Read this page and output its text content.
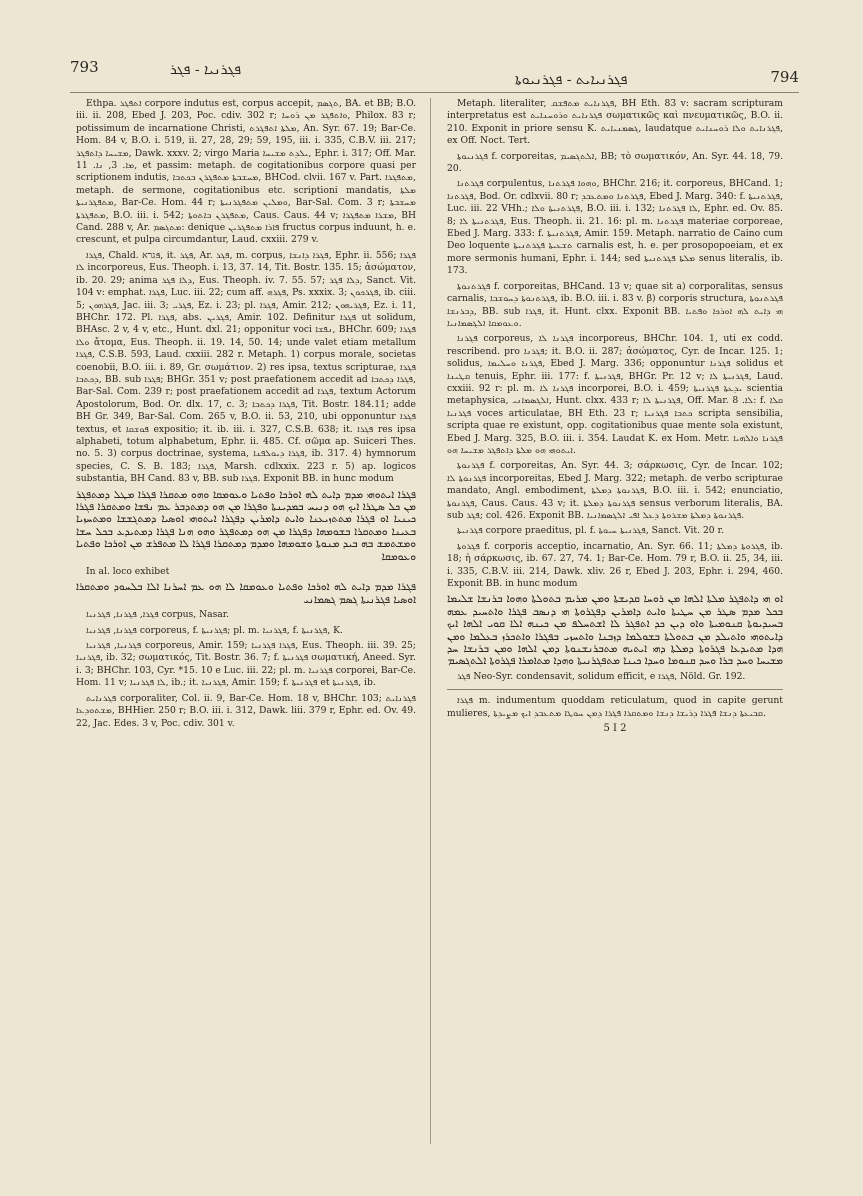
793	ܦܓܪܢܝܐ - ܦܓܪ
ܦܓܪܢܝܐܝܬ - ܦܓܪܢܝܘܬܐ	794

Ethpa. ܐܬܦܓܪ corpore indutus est, corpus accepit, ܬܓܣܡ, BA. et BB; B.O. iii. ii. 208, Ebed J. 203, Poc. cdiv. 302 r; ܘܐܬܦܓܪ ܡܢ ܪܘܚܐ, Philox. 83 r; potissimum de incarnatione Christi, ܡܠܬܐ ܐܬܦܓܪܬ, An. Syr. 67. 19; Bar-Ce. Hom. 84 v, B.O. i. 519, ii. 27, 28, 29; 59, 195, iii. i. 335, C.B.V. iii. 217; ܡܫܝܚܐ ܕܐܬܦܓܪ, Dawk. xxxv. 2; virgo Maria ܝܠܕܬ ܡܫܝܚܐ, Ephr. i. 317; Off. Mar. ܡܐ. 3, ܢܐ. 11, et passim: metaph. de cogitationibus corpore quasi per scriptionem indutis, ܡܚܫܒܬܐ ܡܬܦܓܪܢ ܒܟܬܒܐ, BHCod. clvii. 167 v. Part. ܡܬܦܓܪܐ, metaph. de sermone, cogitationibus etc. scriptioni mandatis, ܡܠܬܐ ܡܬܦܓܪܢܝܬܐ, Bar-Ce. Hom. 44 r; ܘܡܠܝܢ ܡܬܦܓܪܢܝܬܐ, Bar-Sal. Com. 3 r; ܡܚܫܒܬܐ ܡܬܦܓܪܬܐ, B.O. iii. i. 542; ܡܬܦܓܪܢ ܒܐܬܘܬܐ, Caus. Caus. 44 v; ܡܫܪܐ ܡܬܦܓܪܐ, BH Cand. 288 v, Ar. ܡܬܓܣܡ: denique ܦܐܪܐ ܡܬܦܓܪܝܢ fructus corpus induunt, h. e. crescunt, et pulpa circumdantur, Laud. cxxiii. 279 v.

ܦܓܪܐ, Chald. ܦגרא, it. ܦܓܪ, Ar. ܦܓܪ, m. corpus, ܦܓܪܐ ܕܐܢܫܐ, Ephr. ii. 556; ܦܓܪܐ ܠܐ incorporeus, Eus. Theoph. i. 13, 37. 14, Tit. Bostr. 135. 15; ἀσώματον, ib. 20. 29; anima ܕܠܐ ܦܓܪ, Eus. Theoph. iv. 7. 55. 57; ܕܠܐ ܦܓܪ, Sanct. Vit. 104 v: emphat. ܦܓܪܐ, Luc. iii. 22; cum aff. ܦܓܪܗ, Ps. xxxix. 3; ܦܓܪܟܘܢ, ib. ciii. 5; ܦܓܪܗܘܢ, Jac. iii. 3; ܦܓܪܝ, Ez. i. 23; pl. ܦܓܪܐ, Amir. 212; ܦܓܪܝܗܘܢ, Ez. i. 11, BHChr. 172. Pl. ܦܓܪܐ, abs. ܦܓܪܝܢ, Amir. 102. Definitur ܦܓܪܐ ut solidum, BHAsc. 2 v, 4 v, etc., Hunt. dxl. 21; opponitur voci ܢܦܫܐ, BHChr. 609; ܦܓܪܐ ܘܠܐ ἄτομα, Eus. Theoph. ii. 19. 14, 50. 14; unde valet etiam metallum ܦܓܪܐ, C.S.B. 593, Laud. cxxiii. 282 r. Metaph. 1) corpus morale, societas coenobii, B.O. iii. i. 89, Gr. σωμάτιον. 2) res ipsa, textus scripturae, ܦܓܪܐ ܕܟܬܒܐ, BB. sub ܦܓܪܐ; BHGr. 351 v; post praefationem accedit ad ܦܓܪܐ ܕܟܬܒܐ, Bar-Sal. Com. 239 r; post praefationem accedit ad ܦܓܪܐ, textum Actorum Apostolorum, Bod. Or. dlx. 17, c. 3; ܦܓܪܐ ܕܟܬܒܐ, Tit. Bostr. 184.11; adde BH Gr. 349, Bar-Sal. Com. 265 v, B.O. ii. 53, 210, ubi opponuntur ܦܓܪܐ textus, et ܦܘܫܩܐ expositio; it. ib. iii. i. 327, C.S.B. 638; it. ܦܓܪܐ res ipsa alphabeti, totum alphabetum, Ephr. ii. 485. Cf. σῶμα ap. Suiceri Thes. no. 5. 3) corpus doctrinae, systema, ܦܓܪܐ ܕܝܘܠܦܢܐ, ib. 317. 4) hymnorum species, C. S. B. 183; ܦܓܪܐ, Marsh. cdlxxix. 223 r. 5) ap. logicos substantia, BH Cand. 83 v, BB. sub ܦܓܪܐ. Exponit BB. in hunc modum

ܦܓܪܐ ܐܝܬܘܗܝ ܡܕܡ ܕܐܝܬ ܠܗ ܐܘܪܟܐ ܘܦܬܝܐ ܘܥܘܡܩܐ ܘܗܘ ܡܬܩܪܐ ܦܓܪܐ ܡܛܠ ܕܡܬܦܓܪ ܡܢ ܟܠ ܣܛܪܐ ܐܝܟ ܗܘ ܕܢܝܚ ܒܡܕܝܢܬܐ ܘܦܓܪܐ ܡܢ ܗܘ ܕܡܬܕܒܪ ܥܡ ܢܦܫܐ ܘܡܬܩܪܐ ܦܓܪܐ ܟܝܢܝܐ ܐܘ ܦܓܪܐ ܡܬܬܙܝܥܢܐ ܘܐܝܬ ܕܐܡܪܝܢ ܕܦܓܪܐ ܐܝܬܘܗܝ ܐܘܣܝܐ ܕܡܬܓܫܫܐ ܘܡܬܚܙܝܐ ܒܥܝܢܐ ܘܡܬܩܪܐ ܒܫܘܡܗܐ ܕܦܓܪܐ ܡܢ ܗܘ ܕܡܬܦܓܪ ܘܗܘ ܗܢܐ ܦܓܪܐ ܕܡܬܝܕܥ ܒܟܠ ܚܫܐ ܘܡܫܬܡܫ ܒܗ ܒܝܕ ܡܢܘܬܐ ܘܫܘܡܗܐ ܘܡܕܡ ܕܡܬܩܪܐ ܦܓܪܐ ܠܐ ܡܬܦܪܫ ܡܢ ܐܘܪܟܐ ܘܦܬܝܐ ܘܥܘܡܩܐ

In al. loco exhibet

ܦܓܪܐ ܡܕܡ ܕܐܝܬ ܠܗ ܐܘܪܟܐ ܘܦܬܝܐ ܘܥܘܡܩܐ ܠܐ ܗܘ ܥܡ ܐܚܪܢܐ ܐܠܐ ܒܠܚܘܕ ܘܡܬܩܪܐ ܐܘܣܝܐ ܦܓܪܢܝܬܐ ܓܣܡ ܓܣܡܐܢܝ

ܦܓܪܐ, ܦܓܪܢܐ, ܦܓܪܢܝܐ corpus, Nasar.

ܦܓܪܢܐ, ܦܓܪܢܝܐ corporeus, f. ܦܓܪܢܝܬܐ; pl. m. ܦܓܪܢܝܐ, f. ܦܓܪܢܝܬܐ, K.

ܦܓܪܢܝܐ, ܦܓܪܢܝܐ corporeus, Amir. 159; ܦܓܪܐ ܦܓܪܢܝܐ, Eus. Theoph. iii. 39. 25; ܦܓܪܢܝܐ, ib. 32; σωματικός, Tit. Bostr. 36. 7; f. ܦܓܪܢܝܬܐ σωματική, Aneed. Syr. i. 3; BHChr. 103, Cyr. *15. 10 e Luc. iii. 22; pl. m. ܦܓܪܢܝܐ corporei, Bar-Ce. Hom. 11 v; ܠܐ ܦܓܪܢܝܐ, ib.; it. ܦܓܪܢܝܐ, Amir. 159; f. ܦܓܪܢܝܬܐ et ܦܓܪܢܝܬܐ, ib.

ܦܓܪܢܐܝܬ corporaliter, Col. ii. 9, Bar-Ce. Hom. 18 v, BHChr. 103; ܦܓܪܢܐܝܬ ܡܫܬܘܕܥܐ, BHHier. 250 r; B.O. iii. i. 312, Dawk. liii. 379 r, Ephr. ed. Ov. 49. 22, Jac. Edes. 3 v, Poc. cdiv. 301 v.

Metaph. literaliter, ܦܓܪܢܐܝܬ ܡܬܦܫܩ, BH Eth. 83 v: sacram scripturam interpretatus est ܦܓܪܢܐܝܬ ܘܪܘܚܢܐܝܬ σωματικῶς καὶ πνευματικῶς, B.O. ii. 210. Exponit in priore sensu K. ܓܣܡܢܝܐܝܬ, laudatque ܦܓܪܢܐܝܬ ܘܠܐ ܪܘܚܢܐܝܬ, ex Off. Noct. Tert.

ܦܓܪܢܝܘܬܐ f. corporeitas, ܐܠܬܓܣܝܡ, BB; τὸ σωματικόν, An. Syr. 44. 18, 79. 20.

ܦܓܪܬܢܐ corpulentus, ܘܗܘܐ ܦܓܪܬܢܐ, BHChr. 216; it. corporeus, BHCand. 1; ܦܓܪܬܢܐ, Bod. Or. cdlxvii. 80 r; ܦܓܪܬܢܐ ܘܡܬܥܒܕ, Ebed J. Marg. 340: f. ܦܓܪܬܢܝܬܐ, Luc. iii. 22 VHh.; ܦܓܪܬܢܝܬܐ ܘܠܐ, B.O. iii. i. 132; ܠܐ ܦܓܪܬܢܐ, Ephr. ed. Ov. 85. 8; ܦܓܪܬܢܝܬܐ ܠܐ, Eus. Theoph. ii. 21. 16: pl. m. ܦܓܪܬܢܐ materiae corporeae, Ebed J. Marg. 333: f. ܦܓܪܬܢܝܬܐ, Amir. 159. Metaph. narratio de Caino cum Deo loquente ܬܫܥܝܬܐ ܦܓܪܬܢܝܬܐ carnalis est, h. e. per prosopopoeiam, et ex more sermonis humani, Ephr. i. 144; sed ܡܠܬܐ ܦܓܪܬܢܝܬܐ senus literalis, ib. 173.

ܦܓܪܬܢܘܬܐ f. corporeitas, BHCand. 13 v; quae sit a) corporalitas, sensus carnalis, ܦܓܪܬܢܘܬܐ ܕܚܘܫܒܐ, ib. B.O. iii. i. 83 v. β) corporis structura, ܦܓܪܬܢܘܬܐ ܕܒܪܢܫܐ, BB. sub ܦܓܪܐ, it. Hunt. clxx. Exponit BB. ܗܝ ܕܐܝܬ ܠܗ ܐܘܪܟܐ ܘܦܬܝܐ ܘܥܘܡܩܐ ܐܠܓܣܡܐܢܝܐ.

ܦܓܪܢܐ corporeus, ܦܓܪܢܐ ܠܐ incorporeus, BHChr. 104. 1, uti ex codd. rescribend. pro ܦܓܪܢܐ; it. B.O. ii. 287; ἀσώματος, Cyr. de Incar. 125. 1; solidus, ܦܓܪܢܐ ܘܚܠܝܡܐ, Ebed J. Marg. 336; opponuntur ܦܓܪܢܐ solidus et ܩܛܝܢܐ tenuis, Ephr. iii. 177: f. ܦܓܪܢܝܬܐ, BHGr. Pr. 12 v; ܦܓܪܢܝܬܐ ܠܐ, Laud. cxxiii. 92 r: pl. m. ܦܓܪܢܐ ܠܐ incorporei, B.O. i. 459; ܝܕܥܬܐ ܦܓܪܢܝܬܐ scientia metaphysica, ܐܠܓܣܡܐܢܝ, Hunt. clxx. 433 r; ܦܓܪܢܝܬܐ ܠܐ, Off. Mar. ܠܐ. 8: f. ܩܠܐ ܦܓܪܢܝܐ voces articulatae, BH Eth. 23 r; ܟܬܒܐ ܦܓܪܢܝܐ scripta sensibilia, scripta quae re existunt, opp. cogitationibus quae mente sola existunt, Ebed J. Marg. 325, B.O. iii. i. 354. Laudat K. ex Hom. Metr. ܦܓܪܢܐ ܘܐܠܗܝܐ ܐܝܬܘܗܝ ܗܘ ܡܠܬܐ ܕܐܬܦܓܪ ܡܫܝܚܐ ܗܘ.

ܦܓܪܢܘܬܐ f. corporeitas, An. Syr. 44. 3; σάρκωσις, Cyr. de Incar. 102; ܦܓܪܢܘܬܐ ܠܐ incorporeitas, Ebed J. Marg. 322; metaph. de verbo scripturae mandato, Angl. embodiment, ܦܓܪܢܘܬܐ ܕܡܠܬܐ, B.O. iii. i. 542; enunciatio, ܦܓܪܢܘܬܐ, Caus. Caus. 43 v; it. ܦܓܪܢܘܬܐ ܕܡܠܬܐ sensus verborum literalis, BA. sub ܦܓܪ; col. 426. Exponit BB. ܦܓܪܢܘܬܐ ܕܡܠܬܐ ܡܫܪܘܬܐ ܕܥܠ ܐܦܝ ܐܠܓܣܡܐܢܝܐ.

ܦܓܪܢܝܬܐ corpore praeditus, pl. f. ܦܓܪܢܝܬܐ ܚܝܘܬܐ, Sanct. Vit. 20 r.

ܦܓܪܘܬܐ f. corporis acceptio, incarnatio, An. Syr. 66. 11; ܦܓܪܘܬܐ ܕܡܠܬܐ, ib. 18; ἡ σάρκωσις, ib. 67. 27, 74. 1; Bar-Ce. Hom. 79 r, B.O. ii. 25, 34, iii. i. 335, C.B.V. iii. 214, Dawk. xliv. 26 r, Ebed J. 203, Ephr. i. 294, 460. Exponit BB. in hunc modum

ܐܘ ܗܝ ܕܐܬܦܓܪ ܡܠܬܐ ܐܠܗܐ ܡܢ ܪܘܚܐ ܩܕܝܫܬܐ ܘܡܢ ܡܪܝܡ ܒܬܘܠܬܐ ܘܗܘܐ ܒܪܢܫܐ ܫܠܝܡܐ ܒܟܠ ܡܕܡ ܣܛܪ ܡܢ ܚܛܝܬܐ ܘܐܝܬ ܕܐܡܪܝܢ ܕܦܓܪܘܬܐ ܗܝ ܕܢܣܒ ܦܓܪܐ ܘܐܬܚܝܕ ܥܡܗ ܒܚܝܕܝܘܬܐ ܩܢܘܡܝܬܐ ܘܐܘ ܕܝܢ ܟܕ ܐܬܦܓܪ ܠܐ ܐܫܬܚܠܦ ܡܢ ܟܝܢܗ ܐܠܐ ܩܘܝ ܐܠܗܐ ܐܝܟ ܕܐܝܬܘܗܝ ܘܐܬܝܠܕ ܡܢ ܒܬܘܠܬܐ ܒܫܘܠܡܐ ܕܙܒܢܐ ܘܐܬܚܙܝ ܒܦܓܪܐ ܘܐܬܟܪܙ ܒܥܠܡܐ ܘܡܢ ܗܕܐ ܡܬܝܕܥܐ ܦܓܪܘܬܐ ܕܡܠܬܐ ܕܗܝ ܐܝܬܝܗ ܡܬܒܪܢܫܢܘܬܐ ܕܡܢ ܐܠܗܐ ܘܡܢ ܒܪܢܫܐ ܚܕ ܡܫܝܚܐ ܘܚܕ ܒܪܐ ܘܚܕ ܩܢܘܡܐ ܘܚܕܐ ܟܝܢܐ ܡܬܦܓܪܢܝܬܐ ܘܗܕܐ ܡܬܐܡܪܐ ܦܓܪܘܬܐ ܐܠܬܓܣܝܡ

ܦܓܪ Neo-Syr. condensavit, solidum efficit, e ܦܓܪܐ, Nöld. Gr. 192.

ܦܓܪܐ m. indumentum quoddam reticulatum, quod in capite gerunt mulieres, ܩܒܝܥܬܐ ܕܢܫܐ ܦܓܪܐ ܕܪܝܫܐ ܕܢܫܐ ܘܡܬܩܪܐ ܦܓܪܐ ܕܡܢ ܚܘܛܐ ܡܬܥܒܕ ܐܝܟ ܡܨܝܕܬܐ.

5 I 2
